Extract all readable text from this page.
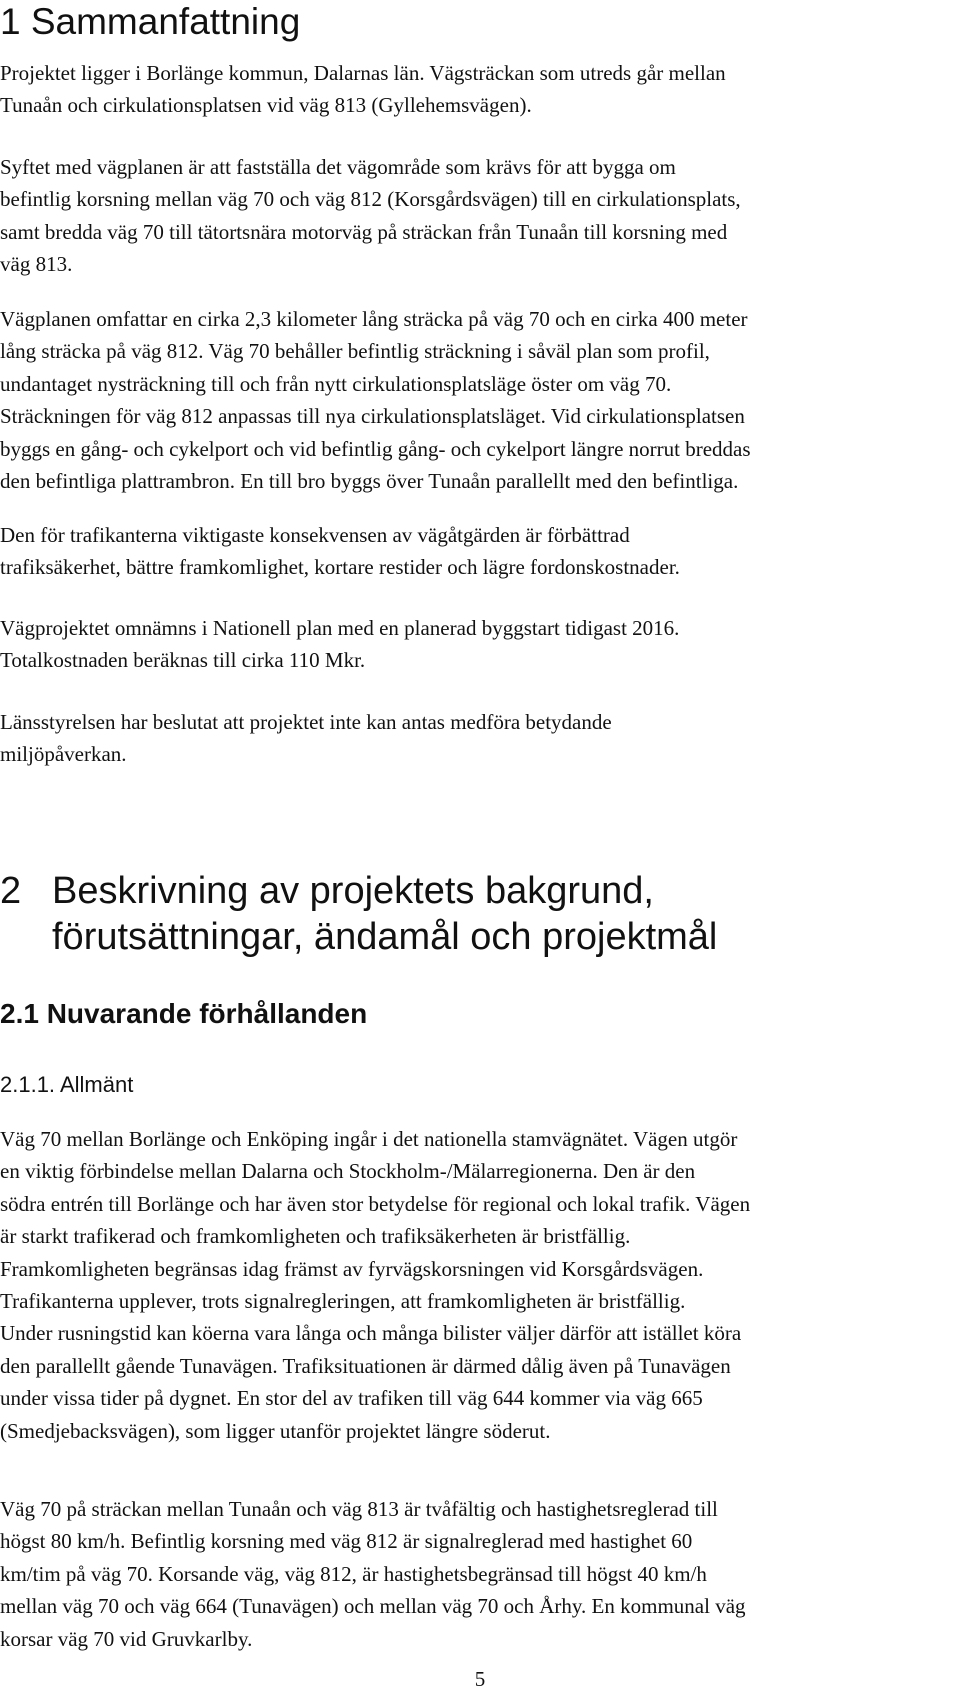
1 Sammanfattning

Projektet ligger i Borlänge kommun, Dalarnas län. Vägsträckan som utreds går mellan
Tunaån och cirkulationsplatsen vid väg 813 (Gyllehemsvägen).

Syftet med vägplanen är att fastställa det vägområde som krävs för att bygga om
befintlig korsning mellan väg 70 och väg 812 (Korsgårdsvägen) till en cirkulationsplats,
samt bredda väg 70 till tätortsnära motorväg på sträckan från Tunaån till korsning med
väg 813.

Vägplanen omfattar en cirka 2,3 kilometer lång sträcka på väg 70 och en cirka 400 meter
lång sträcka på väg 812. Väg 70 behåller befintlig sträckning i såväl plan som profil,
undantaget nysträckning till och från nytt cirkulationsplatsläge öster om väg 70.
Sträckningen för väg 812 anpassas till nya cirkulationsplatsläget. Vid cirkulationsplatsen
byggs en gång- och cykelport och vid befintlig gång- och cykelport längre norrut breddas
den befintliga plattrambron. En till bro byggs över Tunaån parallellt med den befintliga.

Den för trafikanterna viktigaste konsekvensen av vägåtgärden är förbättrad
trafiksäkerhet, bättre framkomlighet, kortare restider och lägre fordonskostnader.

Vägprojektet omnämns i Nationell plan med en planerad byggstart tidigast 2016.
Totalkostnaden beräknas till cirka 110 Mkr.

Länsstyrelsen har beslutat att projektet inte kan antas medföra betydande
miljöpåverkan.

2 Beskrivning av projektets bakgrund,
förutsättningar, ändamål och projektmål
2.1 Nuvarande förhållanden
2.1.1. Allmänt

Väg 70 mellan Borlänge och Enköping ingår i det nationella stamvägnätet. Vägen utgör
en viktig förbindelse mellan Dalarna och Stockholm-/Mälarregionerna. Den är den
södra entrén till Borlänge och har även stor betydelse för regional och lokal trafik. Vägen
är starkt trafikerad och framkomligheten och trafiksäkerheten är bristfällig.
Framkomligheten begränsas idag främst av fyrvägskorsningen vid Korsgårdsvägen.
Trafikanterna upplever, trots signalregleringen, att framkomligheten är bristfällig.
Under rusningstid kan köerna vara långa och många bilister väljer därför att istället köra
den parallellt gående Tunavägen. Trafiksituationen är därmed dålig även på Tunavägen
under vissa tider på dygnet. En stor del av trafiken till väg 644 kommer via väg 665
(Smedjebacksvägen), som ligger utanför projektet längre söderut.

Väg 70 på sträckan mellan Tunaån och väg 813 är tvåfältig och hastighetsreglerad till
högst 80 km/h. Befintlig korsning med väg 812 är signalreglerad med hastighet 60
km/tim på väg 70. Korsande väg, väg 812, är hastighetsbegränsad till högst 40 km/h
mellan väg 70 och väg 664 (Tunavägen) och mellan väg 70 och Århy. En kommunal väg
korsar väg 70 vid Gruvkarlby.

5
